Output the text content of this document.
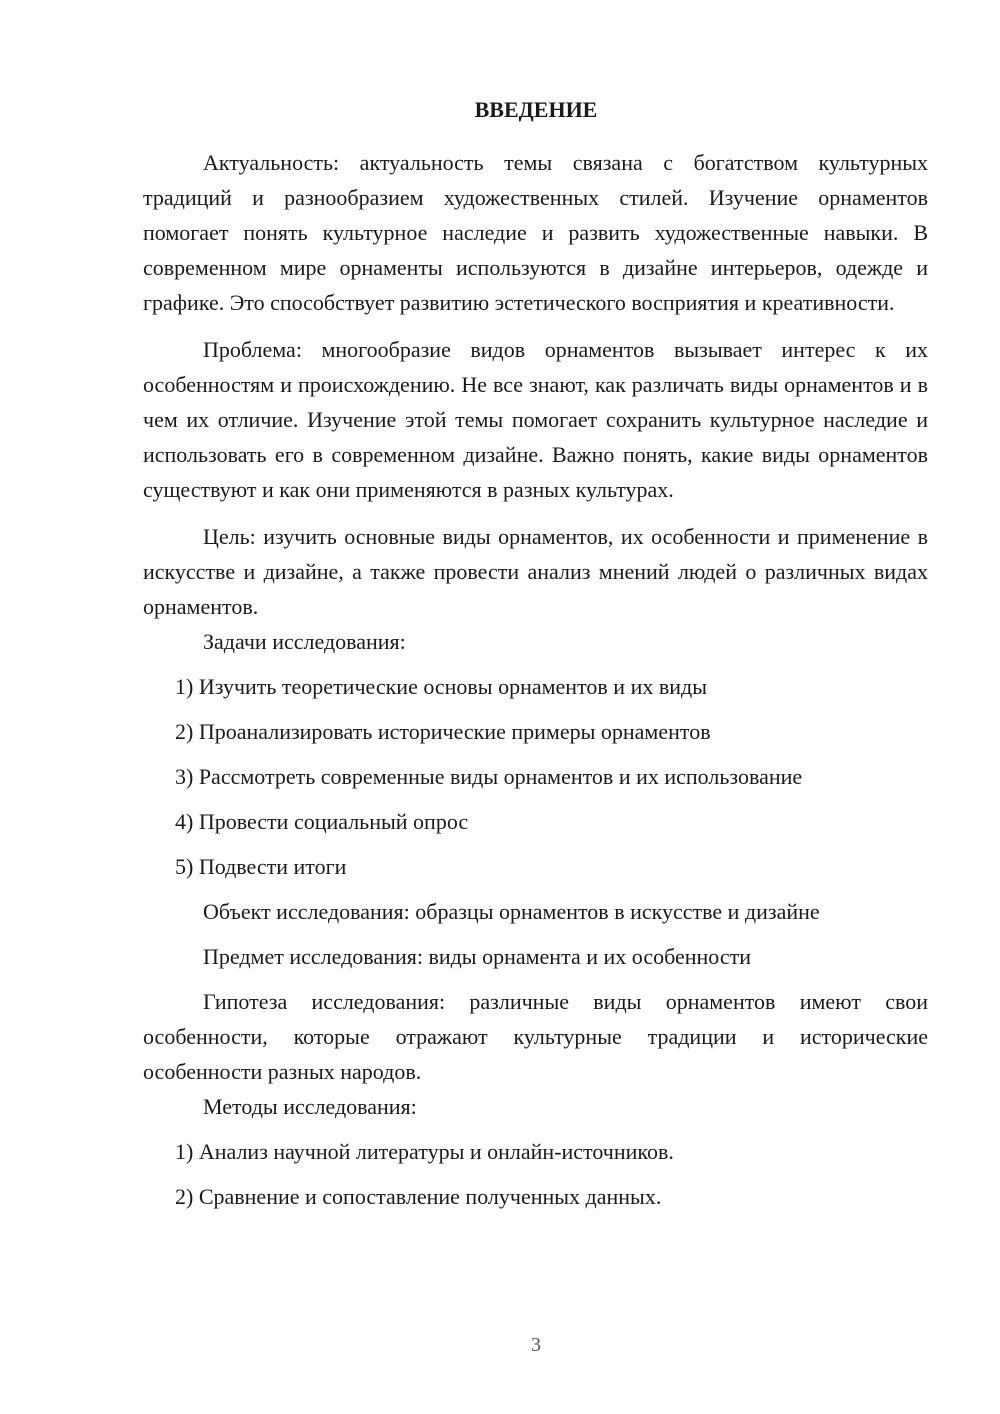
ВВЕДЕНИЕ

Актуальность: актуальность темы связана с богатством культурных традиций и разнообразием художественных стилей. Изучение орнаментов помогает понять культурное наследие и развить художественные навыки. В современном мире орнаменты используются в дизайне интерьеров, одежде и графике. Это способствует развитию эстетического восприятия и креативности.

Проблема: многообразие видов орнаментов вызывает интерес к их особенностям и происхождению. Не все знают, как различать виды орнаментов и в чем их отличие. Изучение этой темы помогает сохранить культурное наследие и использовать его в современном дизайне. Важно понять, какие виды орнаментов существуют и как они применяются в разных культурах.

Цель: изучить основные виды орнаментов, их особенности и применение в искусстве и дизайне, а также провести анализ мнений людей о различных видах орнаментов.

Задачи исследования:

1) Изучить теоретические основы орнаментов и их виды

2) Проанализировать исторические примеры орнаментов

3) Рассмотреть современные виды орнаментов и их использование

4) Провести социальный опрос

5) Подвести итоги

Объект исследования: образцы орнаментов в искусстве и дизайне

Предмет исследования: виды орнамента и их особенности

Гипотеза исследования: различные виды орнаментов имеют свои особенности, которые отражают культурные традиции и исторические особенности разных народов.

Методы исследования:

1) Анализ научной литературы и онлайн-источников.

2) Сравнение и сопоставление полученных данных.

3
